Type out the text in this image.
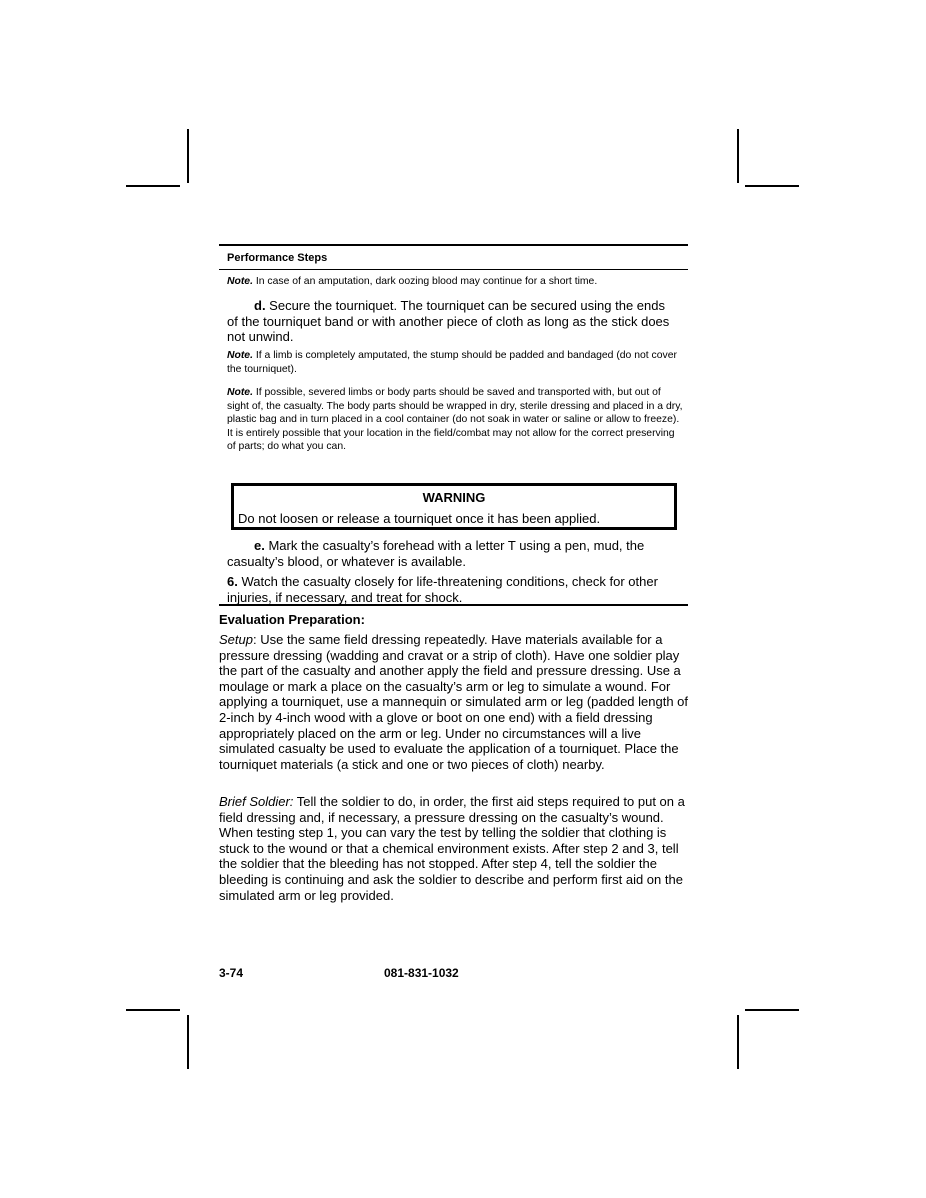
Performance Steps

Note. In case of an amputation, dark oozing blood may continue for a short time.

d. Secure the tourniquet. The tourniquet can be secured using the ends of the tourniquet band or with another piece of cloth as long as the stick does not unwind.

Note. If a limb is completely amputated, the stump should be padded and bandaged (do not cover the tourniquet).

Note. If possible, severed limbs or body parts should be saved and transported with, but out of sight of, the casualty. The body parts should be wrapped in dry, sterile dressing and placed in a dry, plastic bag and in turn placed in a cool container (do not soak in water or saline or allow to freeze). It is entirely possible that your location in the field/combat may not allow for the correct preserving of parts; do what you can.

WARNING
Do not loosen or release a tourniquet once it has been applied.

e. Mark the casualty’s forehead with a letter T using a pen, mud, the casualty’s blood, or whatever is available.

6. Watch the casualty closely for life-threatening conditions, check for other injuries, if necessary, and treat for shock.

Evaluation Preparation:

Setup: Use the same field dressing repeatedly. Have materials available for a pressure dressing (wadding and cravat or a strip of cloth). Have one soldier play the part of the casualty and another apply the field and pressure dressing. Use a moulage or mark a place on the casualty’s arm or leg to simulate a wound. For applying a tourniquet, use a mannequin or simulated arm or leg (padded length of 2-inch by 4-inch wood with a glove or boot on one end) with a field dressing appropriately placed on the arm or leg. Under no circumstances will a live simulated casualty be used to evaluate the application of a tourniquet. Place the tourniquet materials (a stick and one or two pieces of cloth) nearby.

Brief Soldier: Tell the soldier to do, in order, the first aid steps required to put on a field dressing and, if necessary, a pressure dressing on the casualty’s wound. When testing step 1, you can vary the test by telling the soldier that clothing is stuck to the wound or that a chemical environment exists. After step 2 and 3, tell the soldier that the bleeding has not stopped. After step 4, tell the soldier the bleeding is continuing and ask the soldier to describe and perform first aid on the simulated arm or leg provided.

3-74	081-831-1032
